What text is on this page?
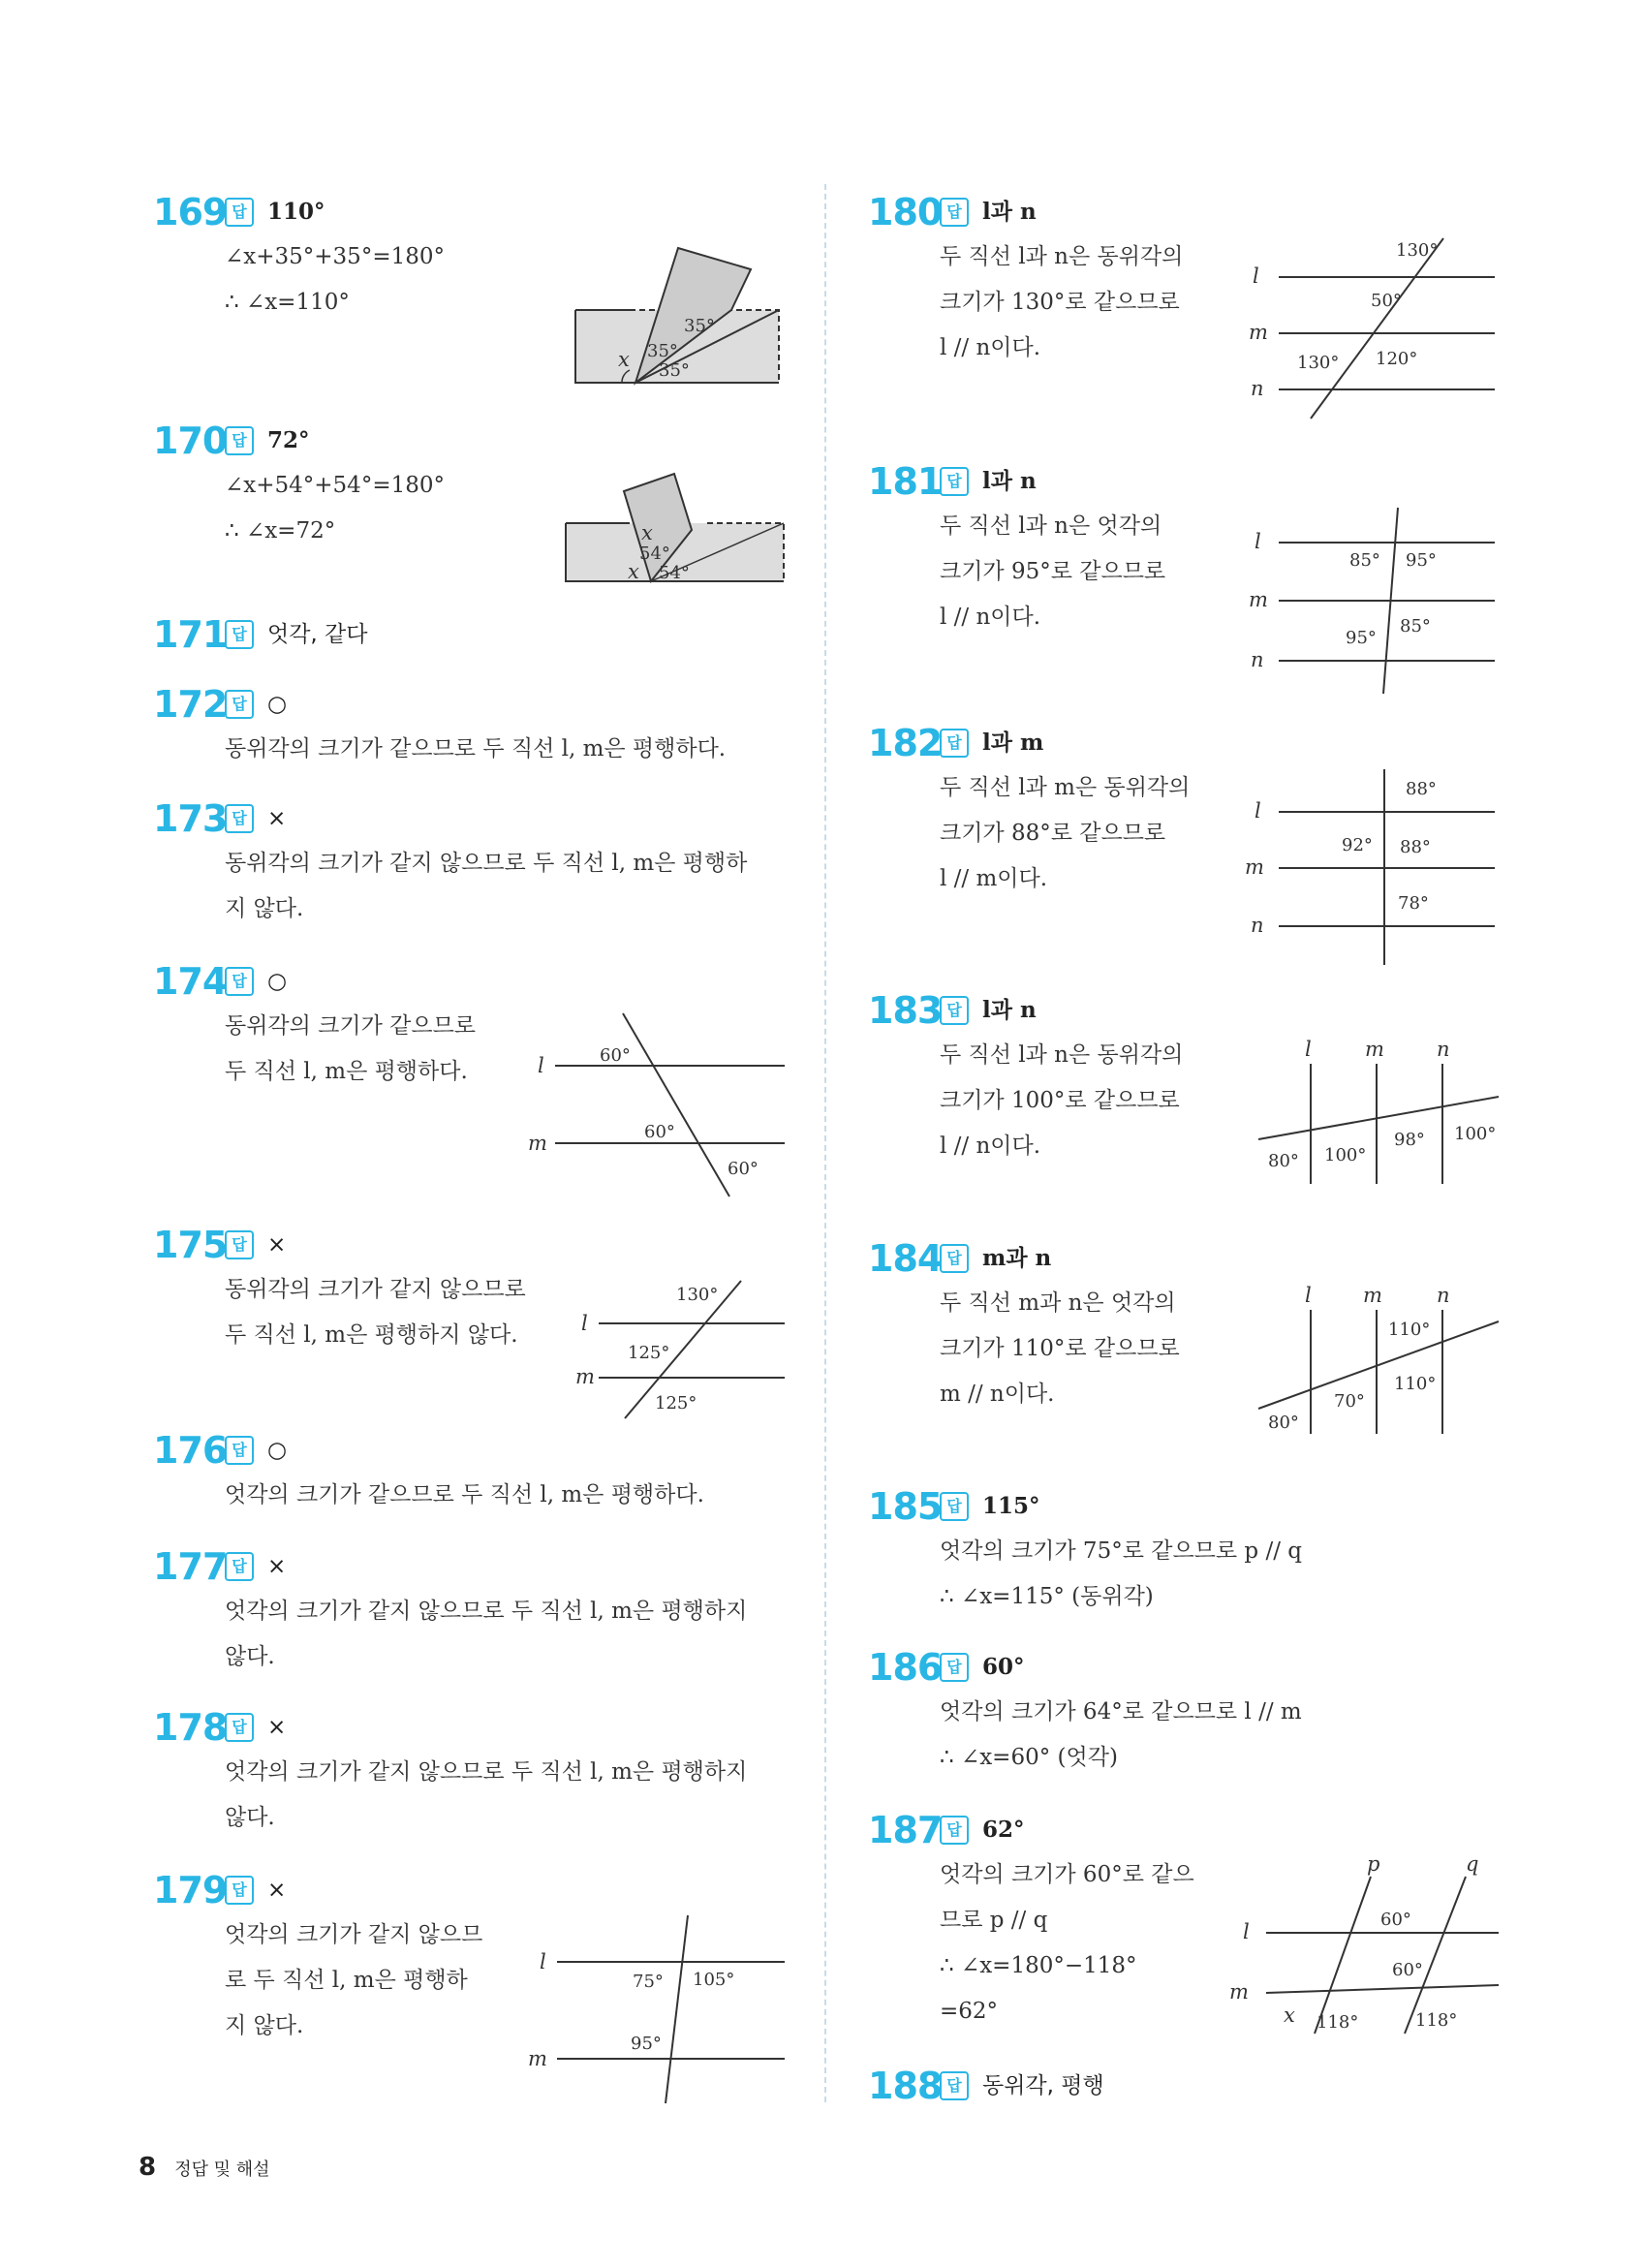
169 답 110°
∠x+35°+35°=180°
∴ ∠x=110°
35°
35°
35°
x
170 답 72°
∠x+54°+54°=180°
∴ ∠x=72°	x
54°
54°
x
171 답 엇각, 같다
172 답 ○
동위각의 크기가 같으므로 두 직선 l, m은 평행하다.
173 답 ×
동위각의 크기가 같지 않으므로 두 직선 l, m은 평행하
지 않다.
174 답 ○
동위각의 크기가 같으므로
두 직선 l, m은 평행하다.	l
m
60°
60°
60°
175 답 ×
동위각의 크기가 같지 않으므로
두 직선 l, m은 평행하지 않다.	l
m
130°
125°
125°
176 답 ○
엇각의 크기가 같으므로 두 직선 l, m은 평행하다.
177 답 ×
엇각의 크기가 같지 않으므로 두 직선 l, m은 평행하지
않다.
178 답 ×
엇각의 크기가 같지 않으므로 두 직선 l, m은 평행하지
않다.
179 답 ×
엇각의 크기가 같지 않으므
로 두 직선 l, m은 평행하
지 않다.
l
m
75° 105°
95°
180 답 l과 n
두 직선 l과 n은 동위각의
크기가 130°로 같으므로
l // n이다.
l
m
n
130°
50°
130° 120°
181 답 l과 n
두 직선 l과 n은 엇각의
크기가 95°로 같으므로
l // n이다.
l
m
n
85° 95°
95°
85°
182 답 l과 m
두 직선 l과 m은 동위각의
크기가 88°로 같으므로
l // m이다.
l
m
n
88°
92° 88°
78°
183 답 l과 n
두 직선 l과 n은 동위각의
크기가 100°로 같으므로
l // n이다.
l	m	n
80° 100°
98° 100°
184 답 m과 n
두 직선 m과 n은 엇각의
크기가 110°로 같으므로
m // n이다.
l	m	n
110°
70°
110°
80°
185 답 115°
엇각의 크기가 75°로 같으므로 p // q
∴ ∠x=115° (동위각)
186 답 60°
엇각의 크기가 64°로 같으므로 l // m
∴ ∠x=60° (엇각)
187 답 62°
엇각의 크기가 60°로 같으
므로 p // q
∴ ∠x=180°−118°
=62°
p	q
l
m
60°
60°
x 118°	118°
188 답 동위각, 평행
8 정답 및 해설
